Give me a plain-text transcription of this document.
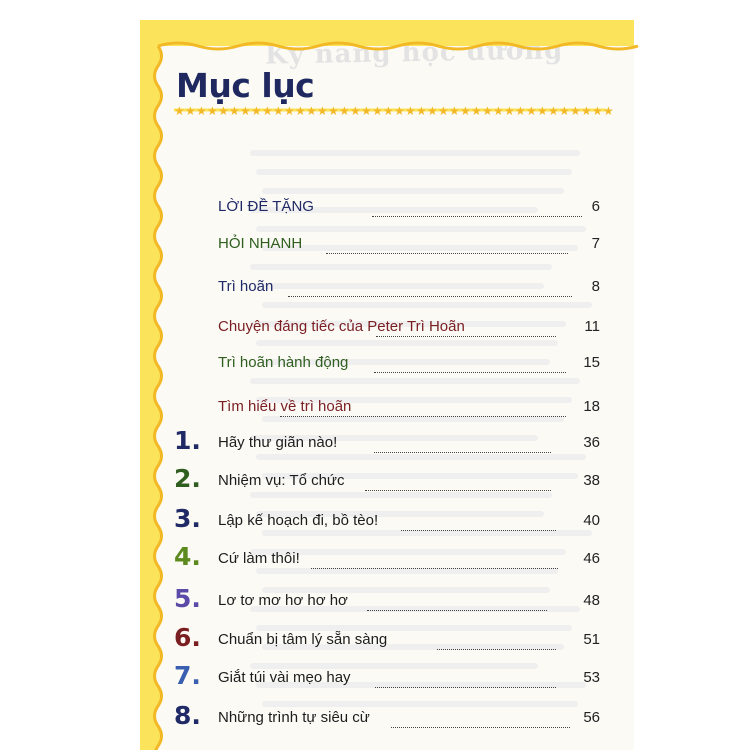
Kỹ năng học đường
Mục lục
★ ★ ★ ★ ★ ★ ★ ★ ★ ★ ★ ★ ★ ★ ★ ★ ★ ★ ★ ★ ★ ★ ★ ★ ★ ★ ★ ★ ★ ★ ★ ★ ★ ★ ★ ★ ★ ★ ★ ★
LỜI ĐỀ TẶNG	6
HỎI NHANH	7
Trì hoãn	8
Chuyện đáng tiếc của Peter Trì Hoãn	11
Trì hoãn hành động	15
Tìm hiểu về trì hoãn	18
1. Hãy thư giãn nào!	36
2. Nhiệm vụ: Tổ chức	38
3. Lập kế hoạch đi, bồ tèo!	40
4. Cứ làm thôi!	46
5. Lơ tơ mơ hơ hơ hơ	48
6. Chuẩn bị tâm lý sẵn sàng	51
7. Giắt túi vài mẹo hay	53
8. Những trình tự siêu cừ	56
